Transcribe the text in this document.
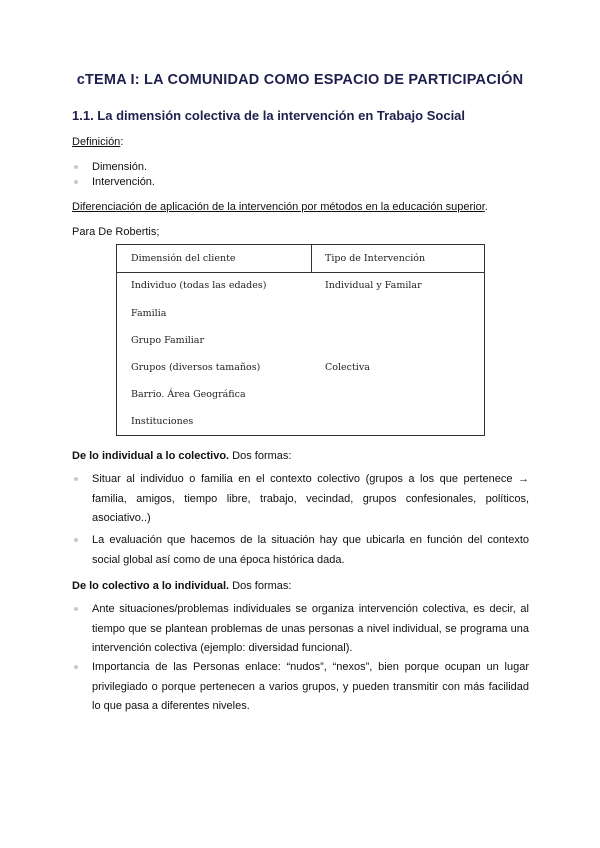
cTEMA I: LA COMUNIDAD COMO ESPACIO DE PARTICIPACIÓN
1.1. La dimensión colectiva de la intervención en Trabajo Social
Definición:
Dimensión.
Intervención.
Diferenciación de aplicación de la intervención por métodos en la educación superior.
Para De Robertis;
Dimensión del cliente	Tipo de Intervención
Individuo (todas las edades)	Individual y Familar
Familia
Grupo Familiar
Grupos (diversos tamaños)	Colectiva
Barrio. Área Geográfica
Instituciones
De lo individual a lo colectivo. Dos formas:
Situar al individuo o familia en el contexto colectivo (grupos a los que pertenece → familia, amigos, tiempo libre, trabajo, vecindad, grupos confesionales, políticos, asociativo..)
La evaluación que hacemos de la situación hay que ubicarla en función del contexto social global así como de una época histórica dada.
De lo colectivo a lo individual. Dos formas:
Ante situaciones/problemas individuales se organiza intervención colectiva, es decir, al tiempo que se plantean problemas de unas personas a nivel individual, se programa una intervención colectiva (ejemplo: diversidad funcional).
Importancia de las Personas enlace: “nudos”, “nexos”, bien porque ocupan un lugar privilegiado o porque pertenecen a varios grupos, y pueden transmitir con más facilidad lo que pasa a diferentes niveles.
